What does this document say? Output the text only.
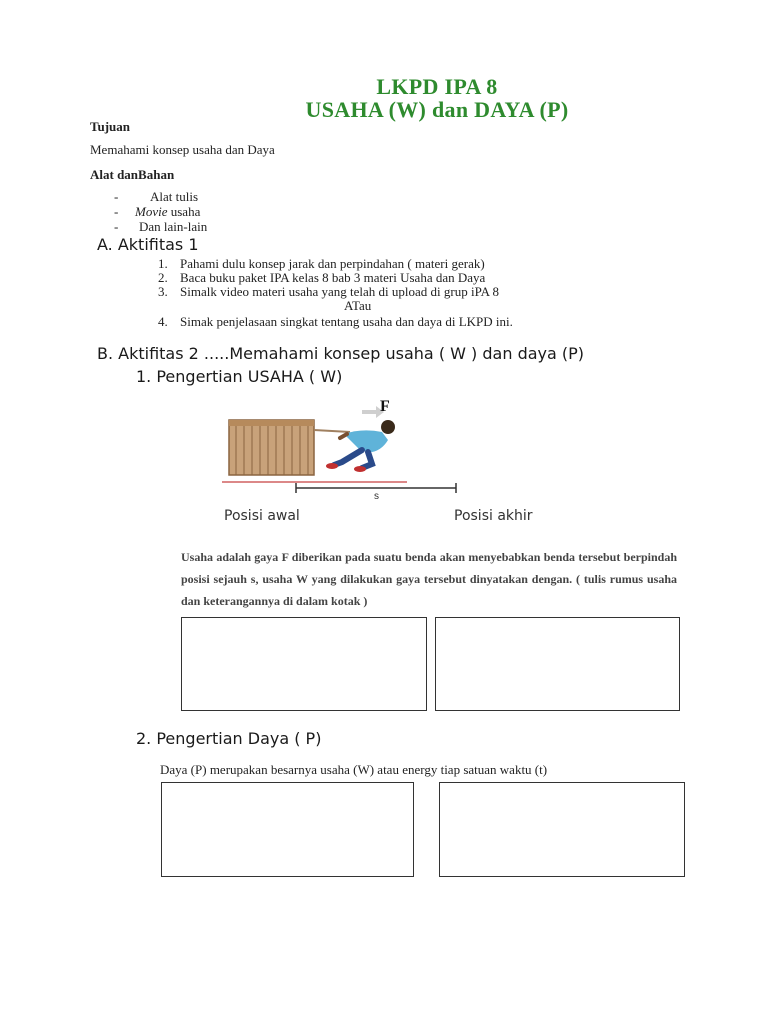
LKPD IPA 8
USAHA (W) dan DAYA (P)
Tujuan
Memahami konsep usaha dan Daya
Alat danBahan
- Alat tulis
- Movie usaha
- Dan lain-lain
A. Aktifitas 1
1. Pahami dulu konsep jarak dan perpindahan ( materi gerak)
2. Baca buku paket IPA kelas 8 bab 3 materi Usaha dan Daya
3. Simalk video materi usaha yang telah di upload di grup iPA 8
ATau
4. Simak penjelasaan singkat tentang usaha dan daya di LKPD ini.
B. Aktifitas 2 .....Memahami konsep usaha ( W ) dan daya (P)
1. Pengertian USAHA ( W)
F
s
Posisi awal	Posisi akhir
Usaha adalah gaya F diberikan pada suatu benda akan menyebabkan benda tersebut berpindah posisi sejauh s, usaha W yang dilakukan gaya tersebut dinyatakan dengan. ( tulis rumus usaha dan keterangannya di dalam kotak )
2. Pengertian Daya ( P)
Daya (P) merupakan besarnya usaha (W) atau energy tiap satuan waktu (t)
